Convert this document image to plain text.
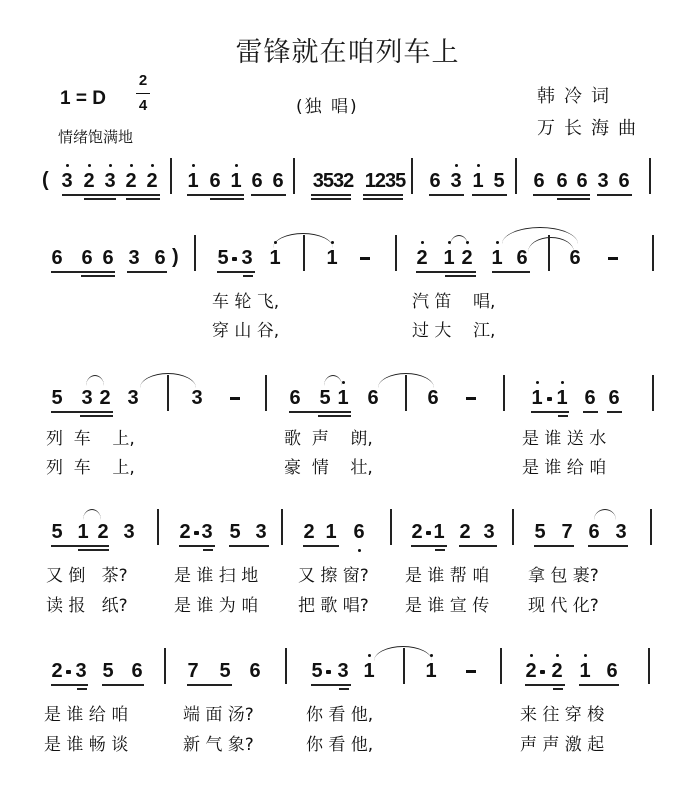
雷锋就在咱列车上
1 = D
2
4
情绪饱满地
(独 唱)	韩冷词
万长海曲
( 3 2 3 2 2 1 6 1 6 6 3532 1235 6 3 1 5 6 6 6 3 6
6 6 6 3 6 ) 5 3 1 1	2 1 2 1 6 6
车 轮 飞,	汽 笛    唱,
穿 山 谷,	过 大    江,
5 3 2 3	3	6 5 1 6 6	1 1 6 6
列  车    上,	歌  声    朗,	是 谁 送 水
列  车    上,	豪  情    壮,	是 谁 给 咱
5 1 2 3 2 3 5 3 2 1 6 2 1 2 3 5 7 6 3
又 倒   茶?	是 谁 扫 地 又 擦 窗? 是 谁 帮 咱 拿 包 裹?
读 报   纸?	是 谁 为 咱 把 歌 唱? 是 谁 宣 传 现 代 化?
2 3 5 6 7 5 6	5 3 1	1	2 2 1 6
是 谁 给 咱	端 面 汤?	你 看 他,	来 往 穿 梭
是 谁 畅 谈	新 气 象?	你 看 他,	声 声 激 起
